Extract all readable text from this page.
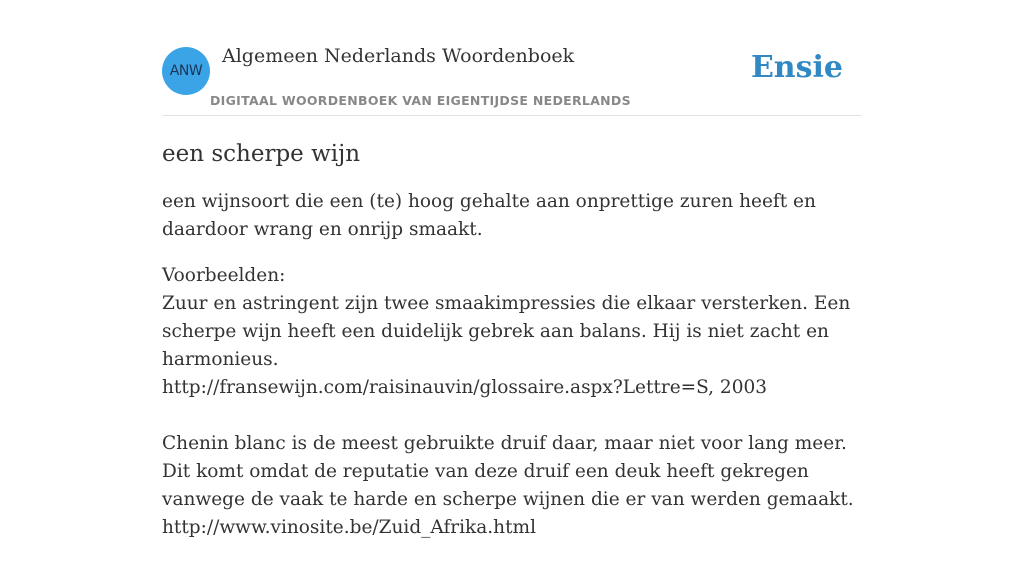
ANW
Algemeen Nederlands Woordenboek
DIGITAAL WOORDENBOEK VAN EIGENTIJDSE NEDERLANDS
Ensie
een scherpe wijn

een wijnsoort die een (te) hoog gehalte aan onprettige zuren heeft en daardoor wrang en onrijp smaakt.

Voorbeelden:

Zuur en astringent zijn twee smaakimpressies die elkaar versterken. Een scherpe wijn heeft een duidelijk gebrek aan balans. Hij is niet zacht en harmonieus.

http://fransewijn.com/raisinauvin/glossaire.aspx?Lettre=S, 2003

Chenin blanc is de meest gebruikte druif daar, maar niet voor lang meer. Dit komt omdat de reputatie van deze druif een deuk heeft gekregen vanwege de vaak te harde en scherpe wijnen die er van werden gemaakt.

http://www.vinosite.be/Zuid_Afrika.html
